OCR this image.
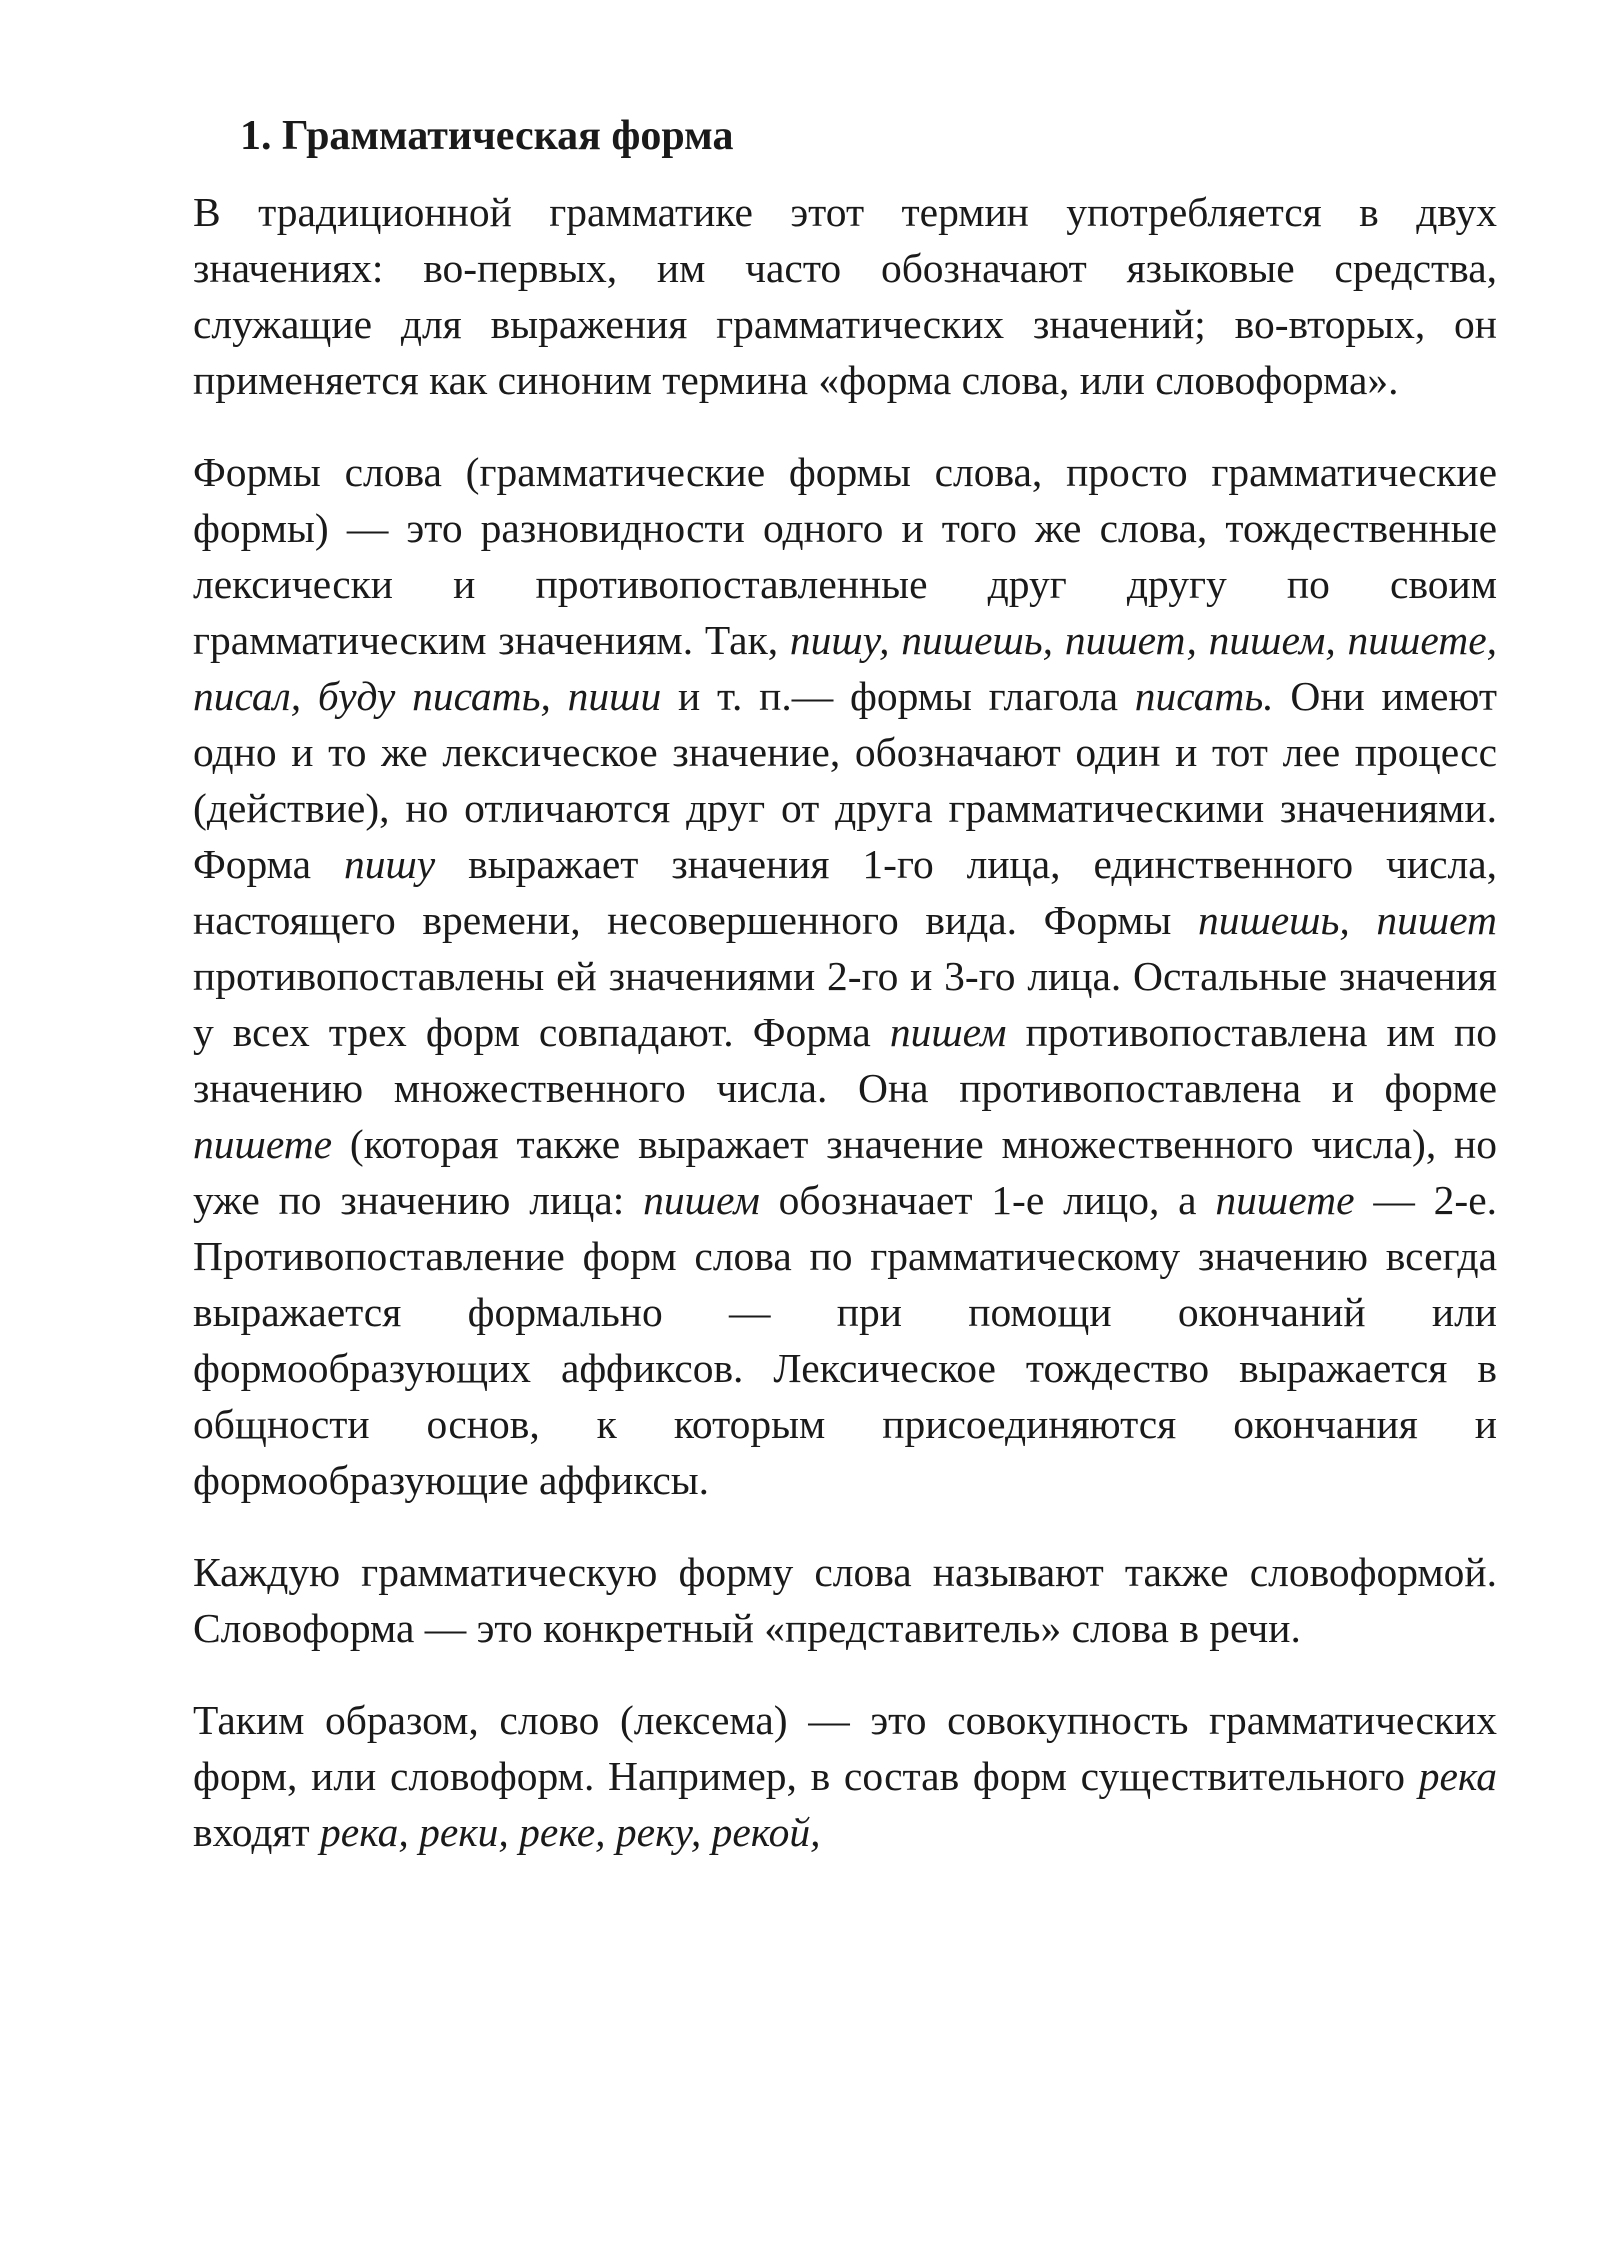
1. Грамматическая форма

В традиционной грамматике этот термин употребляется в двух значениях: во-первых, им часто обозначают языковые средства, служащие для выражения грамматических значений; во-вторых, он применяется как синоним термина «форма слова, или словоформа».

Формы слова (грамматические формы слова, просто грамматические формы) — это разновидности одного и того же слова, тождественные лексически и противопоставленные друг другу по своим грамматическим значениям. Так, пишу, пишешь, пишет, пишем, пишете, писал, буду писать, пиши и т. п.— формы глагола писать. Они имеют одно и то же лексическое значение, обозначают один и тот лее процесс (действие), но отличаются друг от друга грамматическими значениями. Форма пишу выражает значения 1-го лица, единственного числа, настоящего времени, несовершенного вида. Формы пишешь, пишет противопоставлены ей значениями 2-го и 3-го лица. Остальные значения у всех трех форм совпадают. Форма пишем противопоставлена им по значению множественного числа. Она противопоставлена и форме пишете (которая также выражает значение множественного числа), но уже по значению лица: пишем обозначает 1-е лицо, а пишете — 2-е. Противопоставление форм слова по грамматическому значению всегда выражается формально — при помощи окончаний или формообразующих аффиксов. Лексическое тождество выражается в общности основ, к которым присоединяются окончания и формообразующие аффиксы.

Каждую грамматическую форму слова называют также словоформой. Словоформа — это конкретный «представитель» слова в речи.

Таким образом, слово (лексема) — это совокупность грамматических форм, или словоформ. Например, в состав форм существительного река входят река, реки, реке, реку, рекой,
